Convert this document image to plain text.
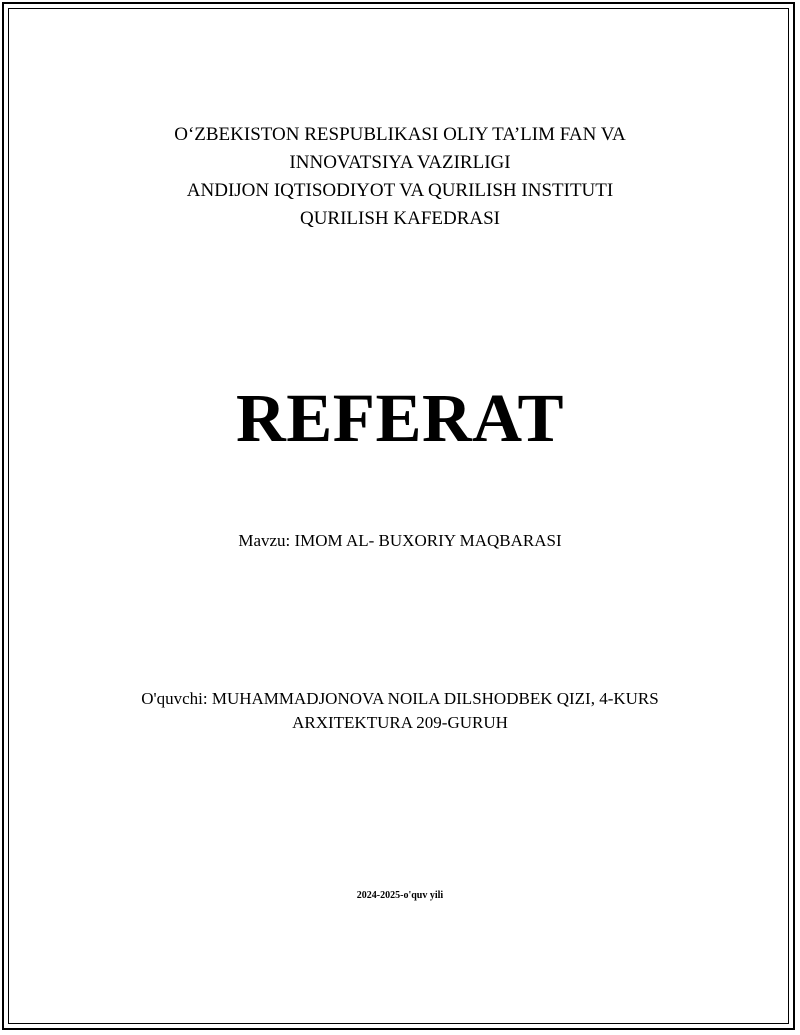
O‘ZBEKISTON RESPUBLIKASI OLIY TA’LIM FAN VA
INNOVATSIYA VAZIRLIGI
ANDIJON IQTISODIYOT VA QURILISH INSTITUTI
QURILISH KAFEDRASI
REFERAT
Mavzu: IMOM AL- BUXORIY MAQBARASI
O'quvchi: MUHAMMADJONOVA NOILA DILSHODBEK QIZI, 4-KURS
ARXITEKTURA 209-GURUH
2024-2025-o'quv yili
